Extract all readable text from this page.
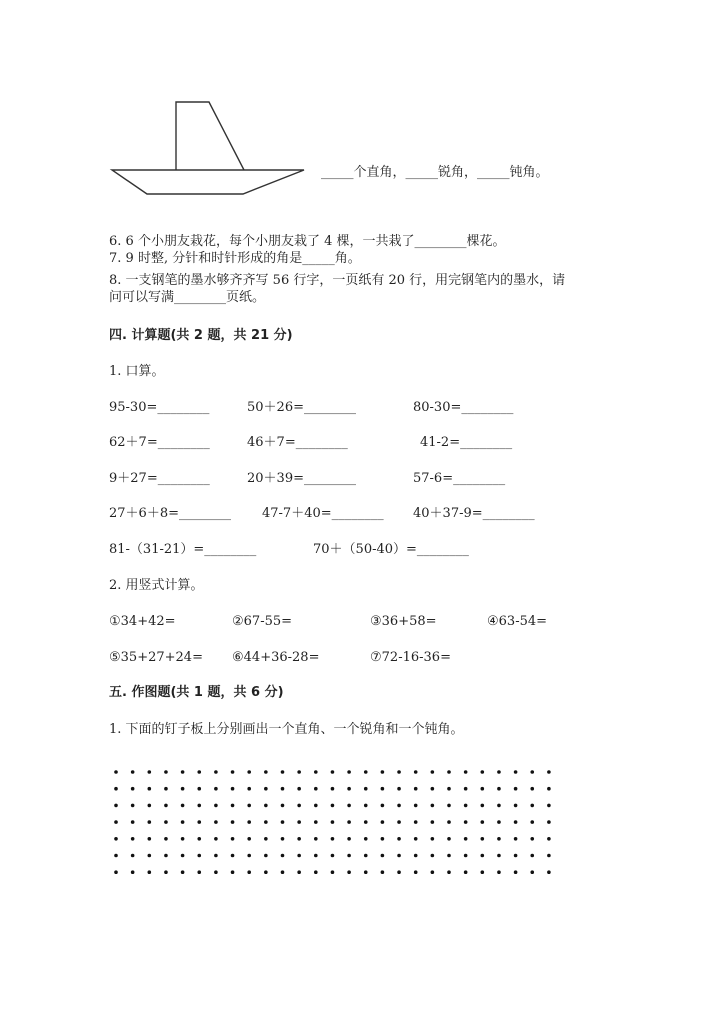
_____个直角，_____锐角，_____钝角。
6. 6 个小朋友栽花，每个小朋友栽了 4 棵，一共栽了________棵花。
7. 9 时整, 分针和时针形成的角是_____角。
8. 一支钢笔的墨水够齐齐写 56 行字，一页纸有 20 行，用完钢笔内的墨水，请
问可以写满________页纸。
四. 计算题(共 2 题，共 21 分)
1. 口算。
95-30=________	50＋26=________	80-30=________
62＋7=________	46＋7=________	41-2=________
9＋27=________	20＋39=________	57-6=________
27＋6＋8=________ 47-7＋40=________ 40＋37-9=________
81-（31-21）=________	70＋（50-40）=________
2. 用竖式计算。
①34+42=	②67-55=	③36+58=	④63-54=
⑤35+27+24= ⑥44+36-28=	⑦72-16-36=
五. 作图题(共 1 题，共 6 分)
1. 下面的钉子板上分别画出一个直角、一个锐角和一个钝角。
